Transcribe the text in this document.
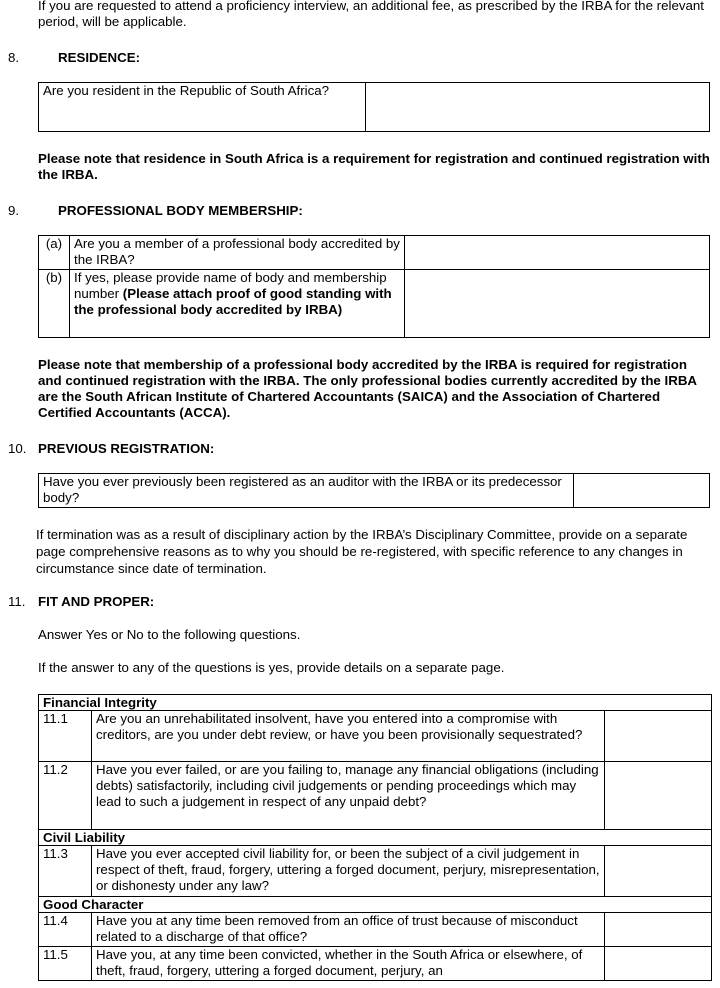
If you are requested to attend a proficiency interview, an additional fee, as prescribed by the IRBA for the relevant period, will be applicable.
8.	RESIDENCE:
Are you resident in the Republic of South Africa?	
Please note that residence in South Africa is a requirement for registration and continued registration with the IRBA.
9.	PROFESSIONAL BODY MEMBERSHIP:
(a)	Are you a member of a professional body accredited by the IRBA?	
(b)	If yes, please provide name of body and membership number (Please attach proof of good standing with the professional body accredited by IRBA)	
Please note that membership of a professional body accredited by the IRBA is required for registration and continued registration with the IRBA. The only professional bodies currently accredited by the IRBA are the South African Institute of Chartered Accountants (SAICA) and the Association of Chartered Certified Accountants (ACCA).
10. PREVIOUS REGISTRATION:
Have you ever previously been registered as an auditor with the IRBA or its predecessor body?	
If termination was as a result of disciplinary action by the IRBA’s Disciplinary Committee, provide on a separate page comprehensive reasons as to why you should be re-registered, with specific reference to any changes in circumstance since date of termination.
11. FIT AND PROPER:
Answer Yes or No to the following questions.
If the answer to any of the questions is yes, provide details on a separate page.
Financial Integrity		
11.1	Are you an unrehabilitated insolvent, have you entered into a compromise with creditors, are you under debt review, or have you been provisionally sequestrated?	
11.2	Have you ever failed, or are you failing to, manage any financial obligations (including debts) satisfactorily, including civil judgements or pending proceedings which may lead to such a judgement in respect of any unpaid debt?	
Civil Liability		
11.3	Have you ever accepted civil liability for, or been the subject of a civil judgement in respect of theft, fraud, forgery, uttering a forged document, perjury, misrepresentation, or dishonesty under any law?	
Good Character		
11.4	Have you at any time been removed from an office of trust because of misconduct related to a discharge of that office?	
11.5	Have you, at any time been convicted, whether in the South Africa or elsewhere, of theft, fraud, forgery, uttering a forged document, perjury, an	
